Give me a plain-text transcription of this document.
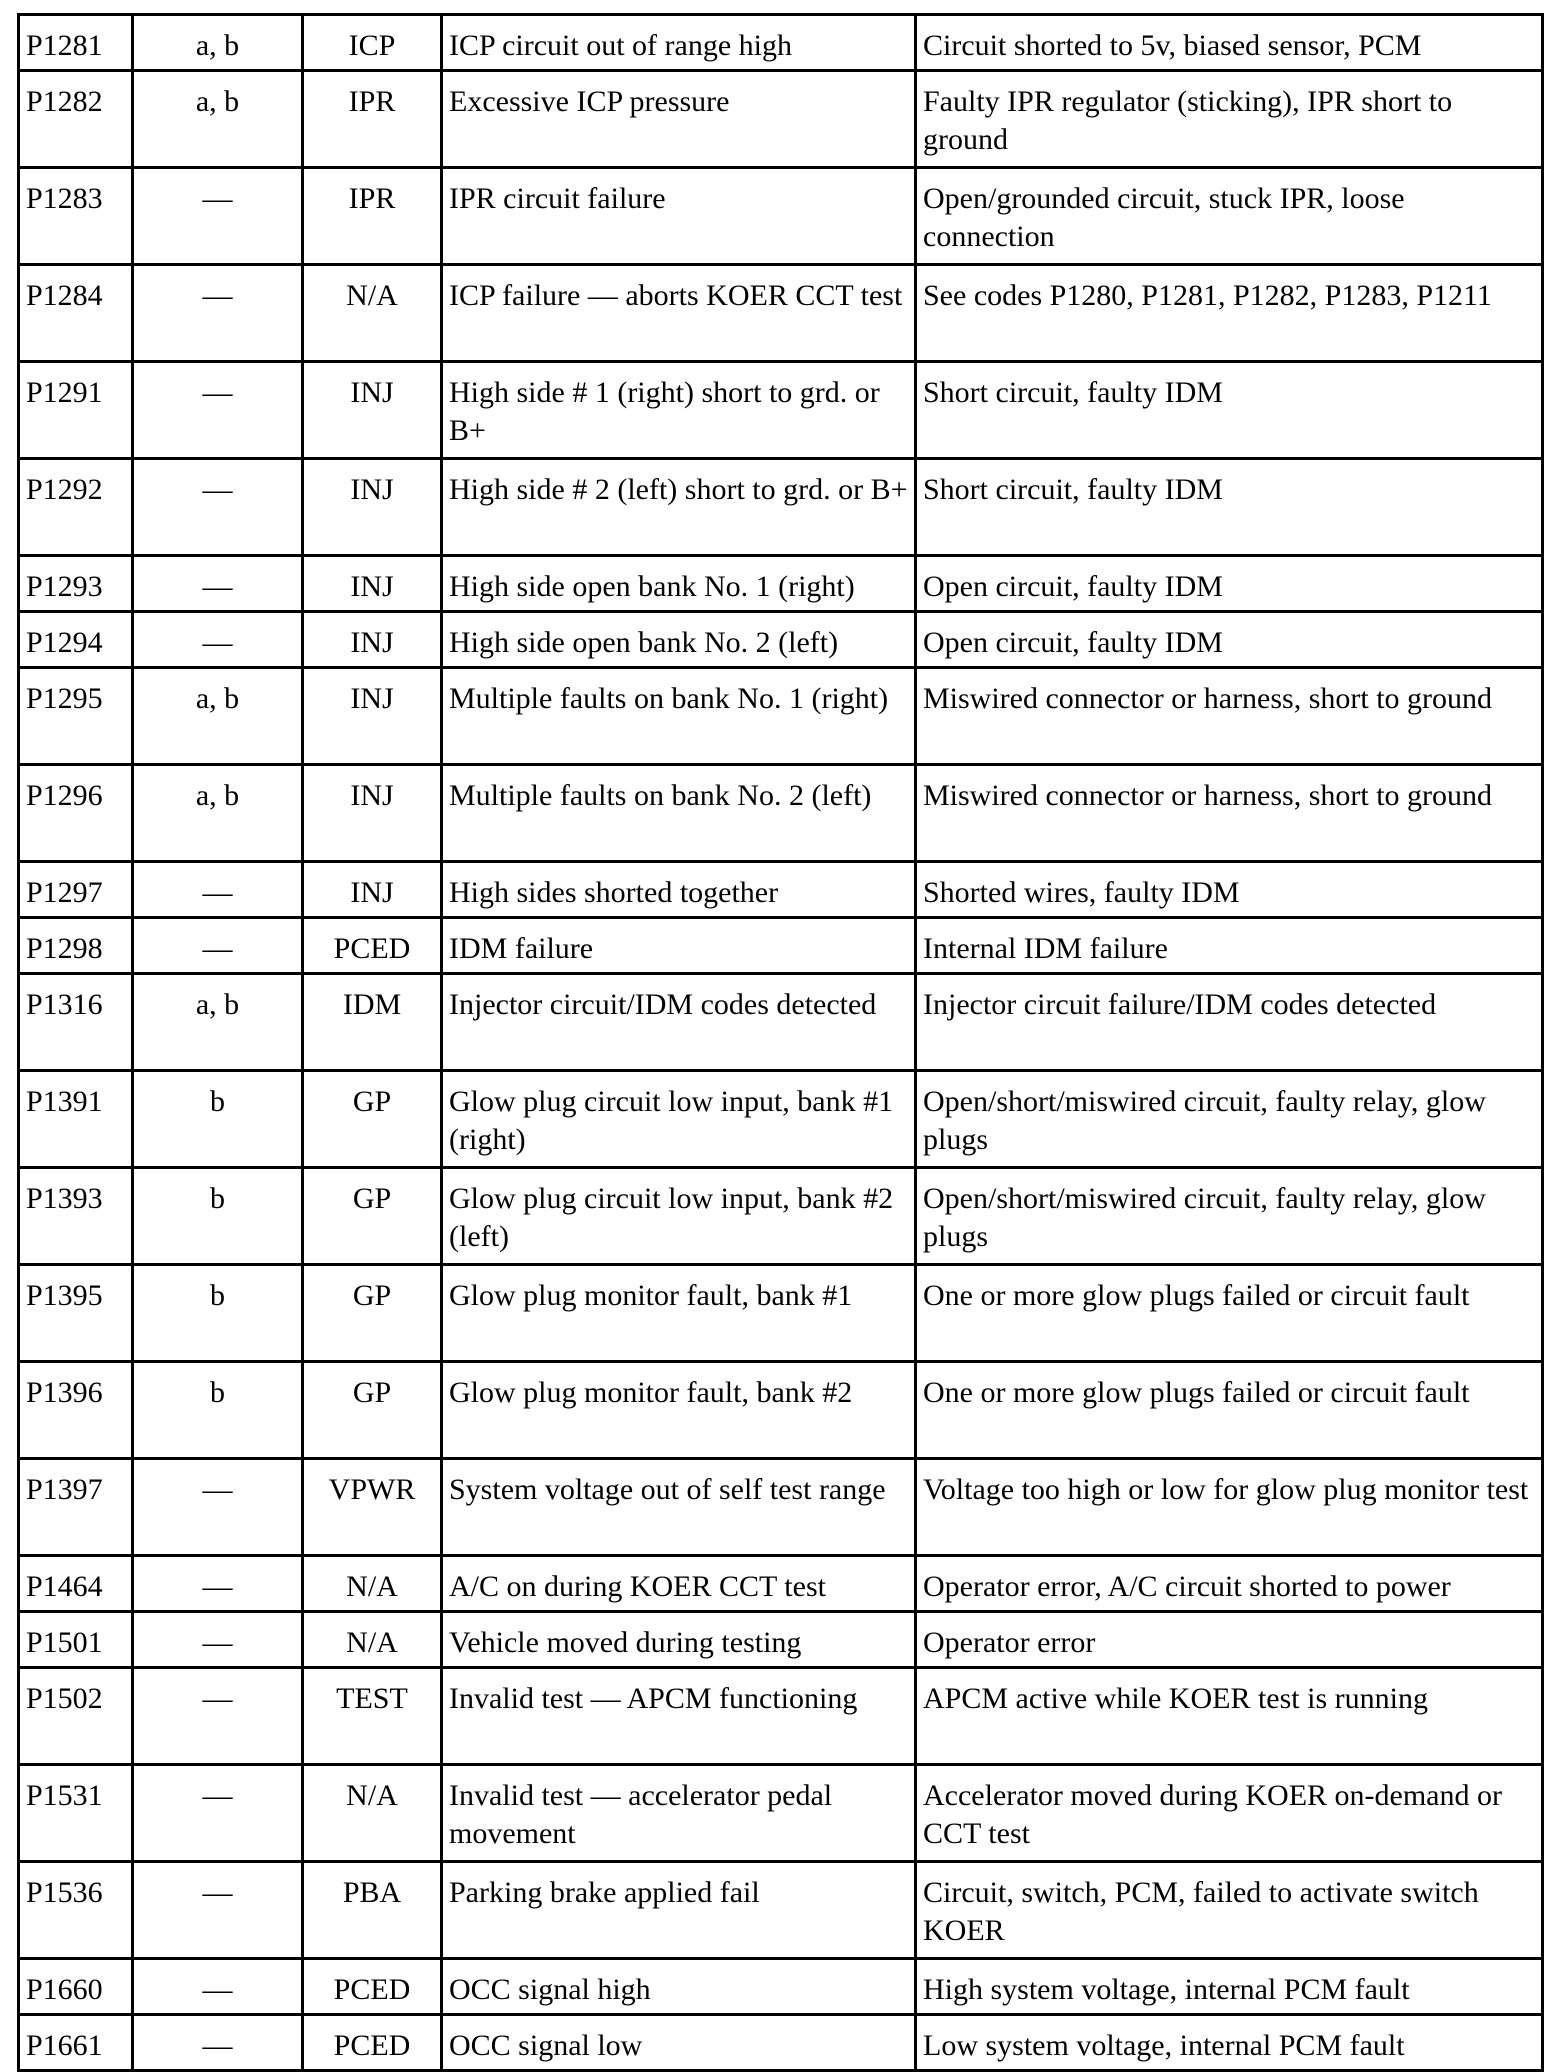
P1281	a, b	ICP	ICP circuit out of range high	Circuit shorted to 5v, biased sensor, PCM
P1282	a, b	IPR	Excessive ICP pressure	Faulty IPR regulator (sticking), IPR short to ground
P1283	—	IPR	IPR circuit failure	Open/grounded circuit, stuck IPR, loose connection
P1284	—	N/A	ICP failure — aborts KOER CCT test	See codes P1280, P1281, P1282, P1283, P1211
P1291	—	INJ	High side # 1 (right) short to grd. or B+	Short circuit, faulty IDM
P1292	—	INJ	High side # 2 (left) short to grd. or B+	Short circuit, faulty IDM
P1293	—	INJ	High side open bank No. 1 (right)	Open circuit, faulty IDM
P1294	—	INJ	High side open bank No. 2 (left)	Open circuit, faulty IDM
P1295	a, b	INJ	Multiple faults on bank No. 1 (right)	Miswired connector or harness, short to ground
P1296	a, b	INJ	Multiple faults on bank No. 2 (left)	Miswired connector or harness, short to ground
P1297	—	INJ	High sides shorted together	Shorted wires, faulty IDM
P1298	—	PCED	IDM failure	Internal IDM failure
P1316	a, b	IDM	Injector circuit/IDM codes detected	Injector circuit failure/IDM codes detected
P1391	b	GP	Glow plug circuit low input, bank #1 (right)	Open/short/miswired circuit, faulty relay, glow plugs
P1393	b	GP	Glow plug circuit low input, bank #2 (left)	Open/short/miswired circuit, faulty relay, glow plugs
P1395	b	GP	Glow plug monitor fault, bank #1	One or more glow plugs failed or circuit fault
P1396	b	GP	Glow plug monitor fault, bank #2	One or more glow plugs failed or circuit fault
P1397	—	VPWR	System voltage out of self test range	Voltage too high or low for glow plug monitor test
P1464	—	N/A	A/C on during KOER CCT test	Operator error, A/C circuit shorted to power
P1501	—	N/A	Vehicle moved during testing	Operator error
P1502	—	TEST	Invalid test — APCM functioning	APCM active while KOER test is running
P1531	—	N/A	Invalid test — accelerator pedal movement	Accelerator moved during KOER on-demand or CCT test
P1536	—	PBA	Parking brake applied fail	Circuit, switch, PCM, failed to activate switch KOER
P1660	—	PCED	OCC signal high	High system voltage, internal PCM fault
P1661	—	PCED	OCC signal low	Low system voltage, internal PCM fault
